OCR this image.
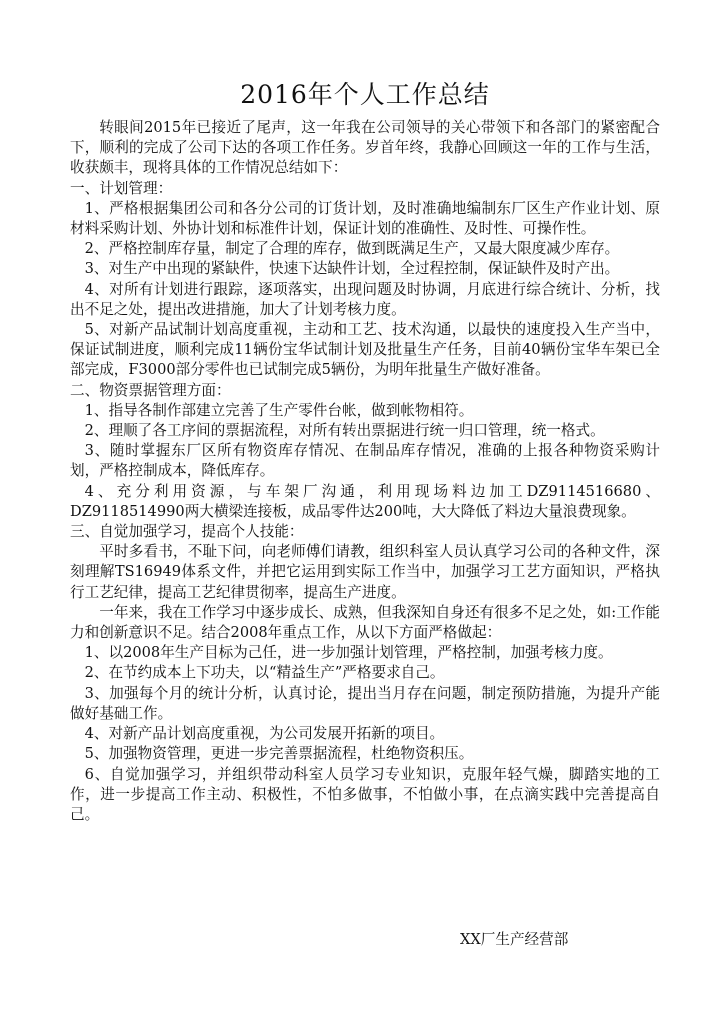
2016年个人工作总结

转眼间2015年已接近了尾声，这一年我在公司领导的关心带领下和各部门的紧密配合下，顺利的完成了公司下达的各项工作任务。岁首年终，我静心回顾这一年的工作与生活，收获颇丰，现将具体的工作情况总结如下：

一、计划管理：

1、严格根据集团公司和各分公司的订货计划，及时准确地编制东厂区生产作业计划、原材料采购计划、外协计划和标准件计划，保证计划的准确性、及时性、可操作性。

2、严格控制库存量，制定了合理的库存，做到既满足生产，又最大限度减少库存。

3、对生产中出现的紧缺件，快速下达缺件计划，全过程控制，保证缺件及时产出。

4、对所有计划进行跟踪，逐项落实，出现问题及时协调，月底进行综合统计、分析，找出不足之处，提出改进措施，加大了计划考核力度。

5、对新产品试制计划高度重视，主动和工艺、技术沟通，以最快的速度投入生产当中，保证试制进度，顺利完成11辆份宝华试制计划及批量生产任务，目前40辆份宝华车架已全部完成，F3000部分零件也已试制完成5辆份，为明年批量生产做好准备。

二、物资票据管理方面：

1、指导各制作部建立完善了生产零件台帐，做到帐物相符。

2、理顺了各工序间的票据流程，对所有转出票据进行统一归口管理，统一格式。

3、随时掌握东厂区所有物资库存情况、在制品库存情况，准确的上报各种物资采购计划，严格控制成本，降低库存。

4、充分利用资源，与车架厂沟通，利用现场料边加工DZ9114516680、DZ9118514990两大横梁连接板，成品零件达200吨，大大降低了料边大量浪费现象。

三、自觉加强学习，提高个人技能：

平时多看书，不耻下问，向老师傅们请教，组织科室人员认真学习公司的各种文件，深刻理解TS16949体系文件，并把它运用到实际工作当中，加强学习工艺方面知识，严格执行工艺纪律，提高工艺纪律贯彻率，提高生产进度。

一年来，我在工作学习中逐步成长、成熟，但我深知自身还有很多不足之处，如:工作能力和创新意识不足。结合2008年重点工作，从以下方面严格做起：

1、以2008年生产目标为己任，进一步加强计划管理，严格控制，加强考核力度。

2、在节约成本上下功夫，以“精益生产”严格要求自己。

3、加强每个月的统计分析，认真讨论，提出当月存在问题，制定预防措施，为提升产能做好基础工作。

4、对新产品计划高度重视，为公司发展开拓新的项目。

5、加强物资管理，更进一步完善票据流程，杜绝物资积压。

6、自觉加强学习，并组织带动科室人员学习专业知识，克服年轻气燥，脚踏实地的工作，进一步提高工作主动、积极性，不怕多做事，不怕做小事，在点滴实践中完善提高自己。

XX厂生产经营部
